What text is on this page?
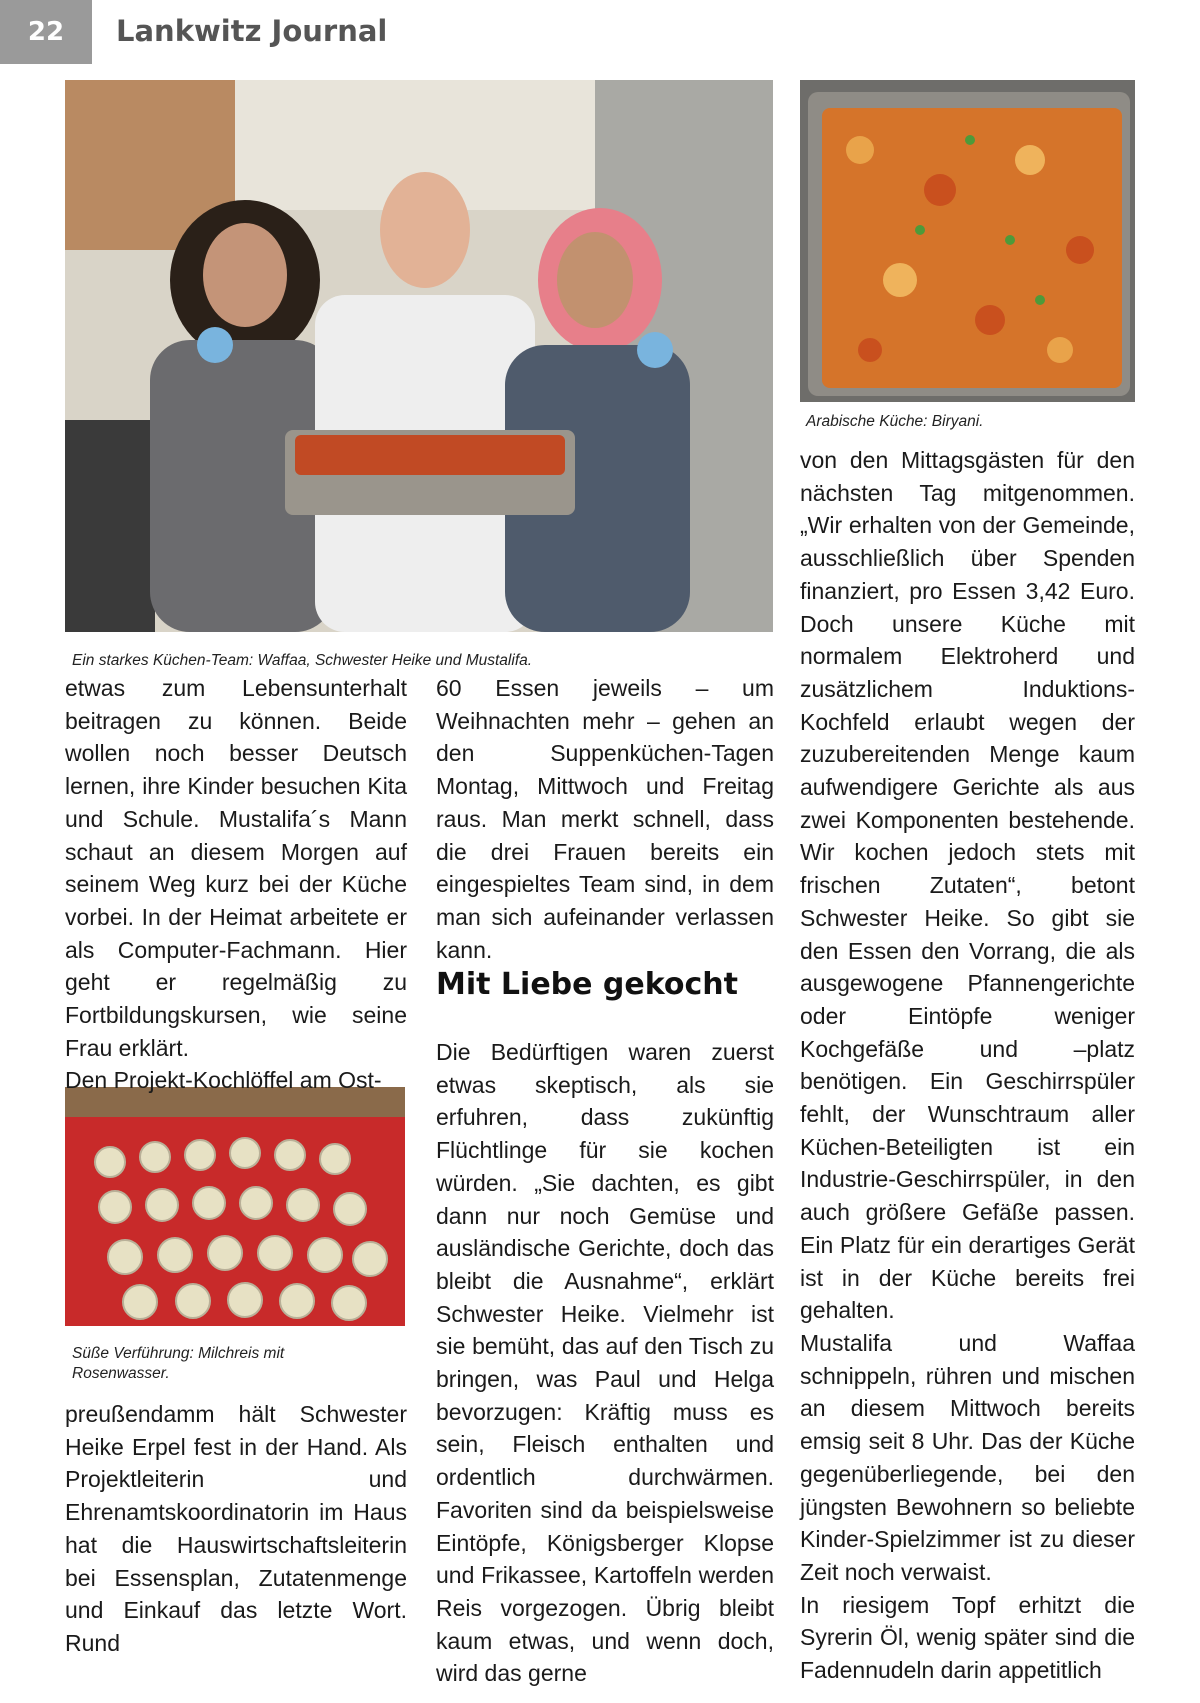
22	Lankwitz Journal
Ein starkes Küchen-Team: Waffaa, Schwester Heike und Mustalifa.
Arabische Küche: Biryani.
Süße Verführung: Milchreis mit
Rosenwasser.

etwas zum Lebensunterhalt beitragen zu können. Beide wollen noch besser Deutsch lernen, ihre Kinder besuchen Kita und Schule. Mustalifa´s Mann schaut an diesem Morgen auf seinem Weg kurz bei der Küche vorbei. In der Heimat arbeitete er als Computer-Fachmann. Hier geht er regelmäßig zu Fortbildungskursen, wie seine Frau erklärt.

Den Projekt-Kochlöffel am Ost-

preußendamm hält Schwester Heike Erpel fest in der Hand. Als Projektleiterin und Ehrenamtskoordinatorin im Haus hat die Hauswirtschaftsleiterin bei Essensplan, Zutatenmenge und Einkauf das letzte Wort. Rund

60 Essen jeweils – um Weihnachten mehr – gehen an den Suppenküchen-Tagen Montag, Mittwoch und Freitag raus. Man merkt schnell, dass die drei Frauen bereits ein eingespieltes Team sind, in dem man sich aufeinander verlassen kann.

Mit Liebe gekocht

Die Bedürftigen waren zuerst etwas skeptisch, als sie erfuhren, dass zukünftig Flüchtlinge für sie kochen würden. „Sie dachten, es gibt dann nur noch Gemüse und ausländische Gerichte, doch das bleibt die Ausnahme“, erklärt Schwester Heike. Vielmehr ist sie bemüht, das auf den Tisch zu bringen, was Paul und Helga bevorzugen: Kräftig muss es sein, Fleisch enthalten und ordentlich durchwärmen. Favoriten sind da beispielsweise Eintöpfe, Königsberger Klopse und Frikassee, Kartoffeln werden Reis vorgezogen. Übrig bleibt kaum etwas, und wenn doch, wird das gerne

von den Mittagsgästen für den nächsten Tag mitgenommen. „Wir erhalten von der Gemeinde, ausschließlich über Spenden finanziert, pro Essen 3,42 Euro. Doch unsere Küche mit normalem Elektroherd und zusätzlichem Induktions-Kochfeld erlaubt wegen der zuzubereitenden Menge kaum aufwendigere Gerichte als aus zwei Komponenten bestehende. Wir kochen jedoch stets mit frischen Zutaten“, betont Schwester Heike. So gibt sie den Essen den Vorrang, die als ausgewogene Pfannengerichte oder Eintöpfe weniger Kochgefäße und –platz benötigen. Ein Geschirrspüler fehlt, der Wunschtraum aller Küchen-Beteiligten ist ein Industrie-Geschirrspüler, in den auch größere Gefäße passen. Ein Platz für ein derartiges Gerät ist in der Küche bereits frei gehalten.

Mustalifa und Waffaa schnippeln, rühren und mischen an diesem Mittwoch bereits emsig seit 8 Uhr. Das der Küche gegenüberliegende, bei den jüngsten Bewohnern so beliebte Kinder-Spielzimmer ist zu dieser Zeit noch verwaist.

In riesigem Topf erhitzt die Syrerin Öl, wenig später sind die Fadennudeln darin appetitlich
